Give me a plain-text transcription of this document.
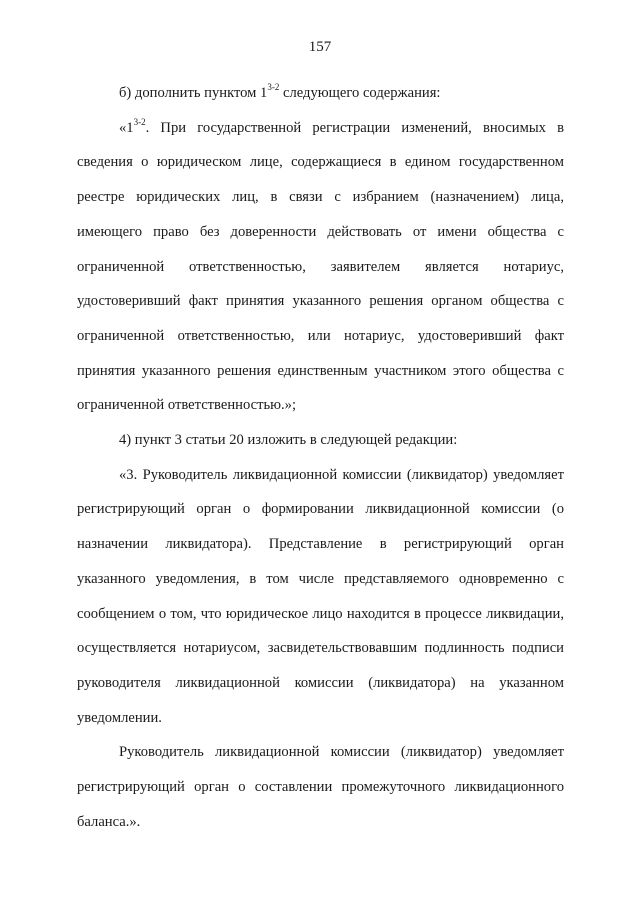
157

б) дополнить пунктом 1$^{3-2}$ следующего содержания:

«1$^{3-2}$. При государственной регистрации изменений, вносимых в сведения о юридическом лице, содержащиеся в едином государственном реестре юридических лиц, в связи с избранием (назначением) лица, имеющего право без доверенности действовать от имени общества с ограниченной ответственностью, заявителем является нотариус, удостоверивший факт принятия указанного решения органом общества с ограниченной ответственностью, или нотариус, удостоверивший факт принятия указанного решения единственным участником этого общества с ограниченной ответственностью.»;

4) пункт 3 статьи 20 изложить в следующей редакции:

«3. Руководитель ликвидационной комиссии (ликвидатор) уведомляет регистрирующий орган о формировании ликвидационной комиссии (о назначении ликвидатора). Представление в регистрирующий орган указанного уведомления, в том числе представляемого одновременно с сообщением о том, что юридическое лицо находится в процессе ликвидации, осуществляется нотариусом, засвидетельствовавшим подлинность подписи руководителя ликвидационной комиссии (ликвидатора) на указанном уведомлении.

Руководитель ликвидационной комиссии (ликвидатор) уведомляет регистрирующий орган о составлении промежуточного ликвидационного баланса.».
